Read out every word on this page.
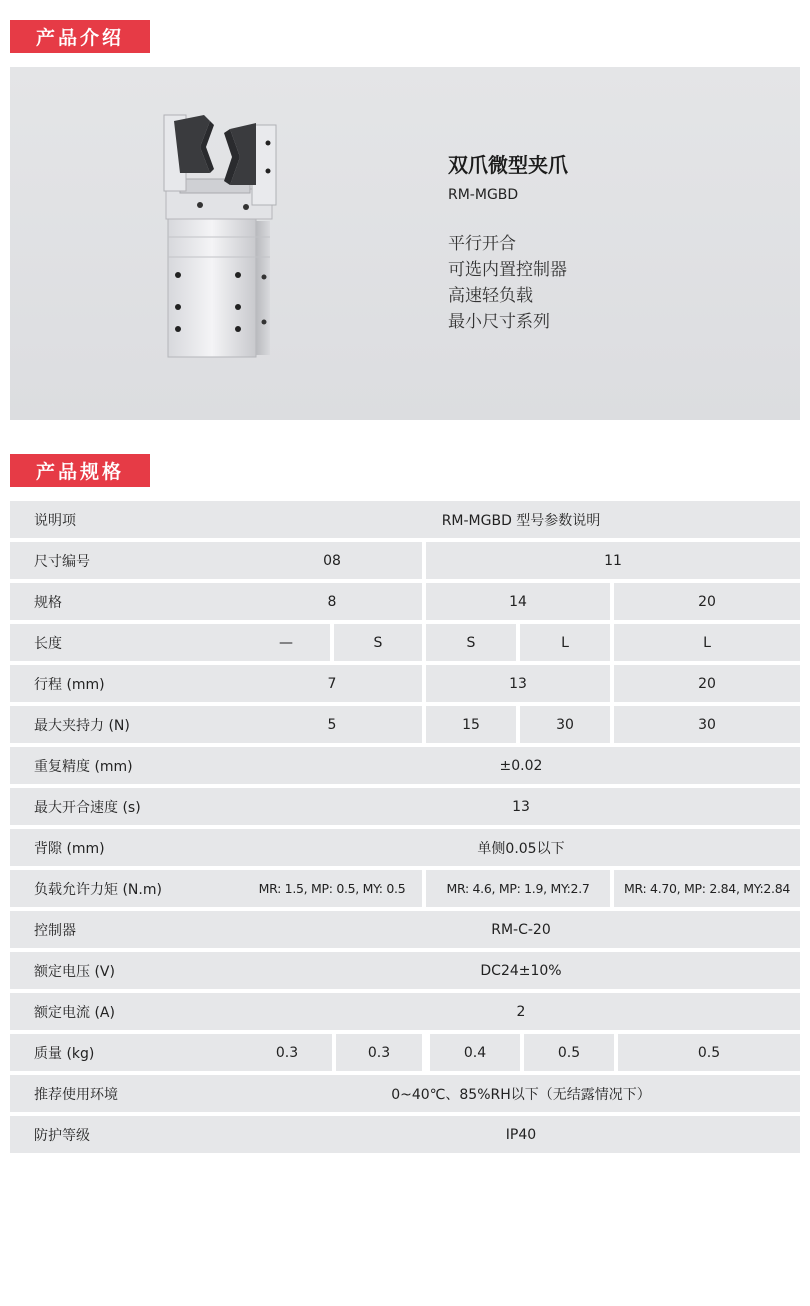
产品介绍
双爪微型夹爪
RM-MGBD
平行开合
可选内置控制器
高速轻负载
最小尺寸系列
产品规格
说明项	RM-MGBD 型号参数说明
尺寸编号	08	11
规格	8	14	20
长度	—	S	S	L	L
行程 (mm)	7	13	20
最大夹持力 (N)	5	15	30	30
重复精度 (mm)	±0.02
最大开合速度 (s)	13
背隙 (mm)	单侧0.05以下
负载允许力矩 (N.m)	MR: 1.5, MP: 0.5, MY: 0.5	MR: 4.6, MP: 1.9, MY:2.7	MR: 4.70, MP: 2.84, MY:2.84
控制器	RM-C-20
额定电压 (V)	DC24±10%
额定电流 (A)	2
质量 (kg)	0.3	0.3	0.4	0.5	0.5
推荐使用环境	0~40℃、85%RH以下（无结露情况下）
防护等级	IP40
